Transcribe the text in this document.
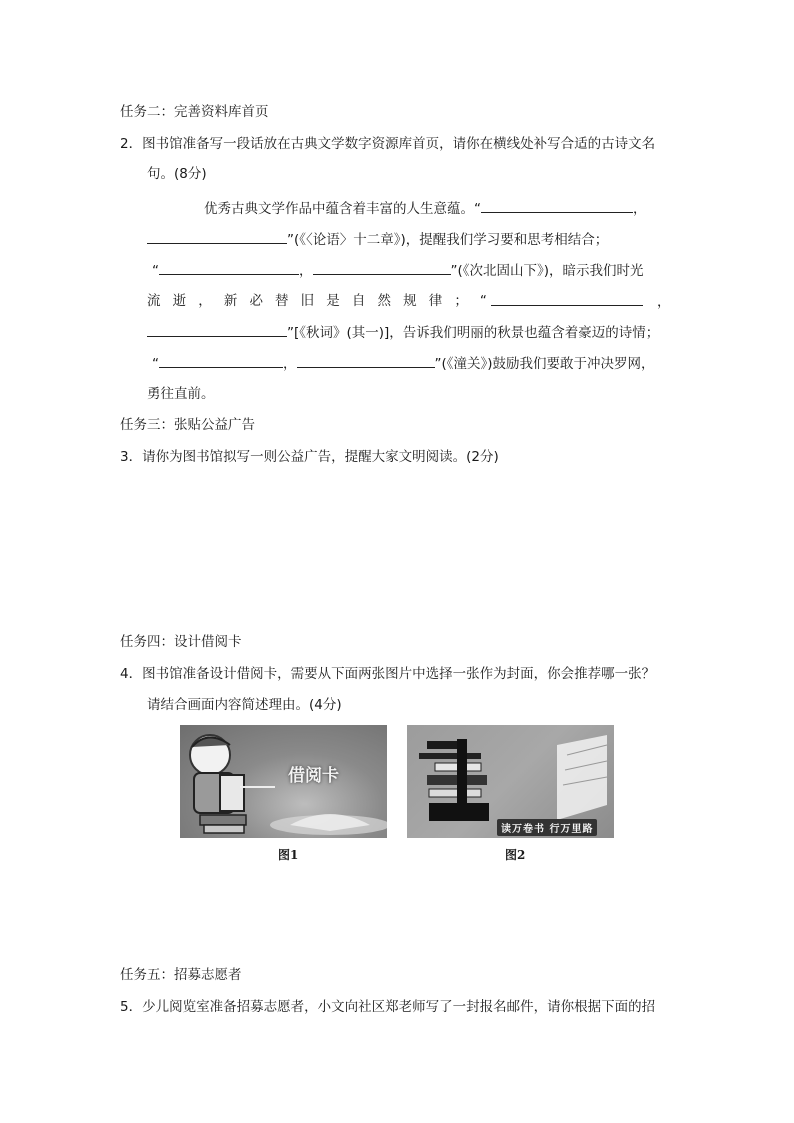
任务二：完善资料库首页
2．图书馆准备写一段话放在古典文学数字资源库首页，请你在横线处补写合适的古诗文名
句。(8分)
优秀古典文学作品中蕴含着丰富的人生意蕴。“	，
”(《〈论语〉十二章》)，提醒我们学习要和思考相结合；
“	，	”(《次北固山下》)，暗示我们时光
流 逝 ， 新 必 替 旧 是 自 然 规 律 ； “	，
”[《秋词》(其一)]，告诉我们明丽的秋景也蕴含着豪迈的诗情；
“	，	”(《潼关》)鼓励我们要敢于冲决罗网，
勇往直前。
任务三：张贴公益广告
3．请你为图书馆拟写一则公益广告，提醒大家文明阅读。(2分)
任务四：设计借阅卡
4．图书馆准备设计借阅卡，需要从下面两张图片中选择一张作为封面，你会推荐哪一张？
请结合画面内容简述理由。(4分)
借阅卡
图1
读万卷书 行万里路
图2
任务五：招募志愿者
5．少儿阅览室准备招募志愿者，小文向社区郑老师写了一封报名邮件，请你根据下面的招
